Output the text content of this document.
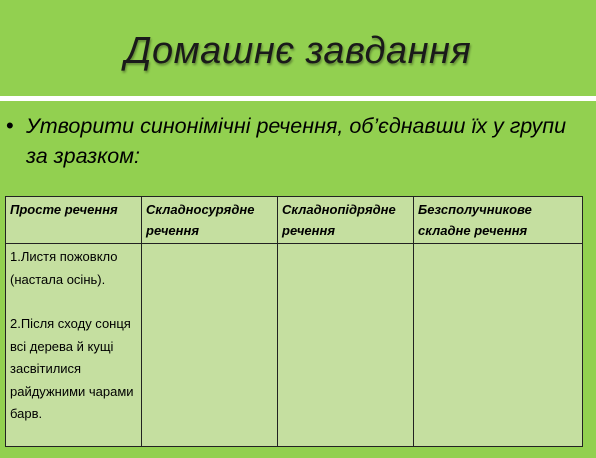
Домашнє завдання
• Утворити синонімічні речення, об’єднавши їх у групи за зразком:
Просте речення	Складносурядне речення	Складнопідрядне речення	Безсполучникове складне речення

1.Листя пожовкло (настала осінь).
2.Після сходу сонця всі дерева й кущі засвітилися райдужними чарами барв.			
